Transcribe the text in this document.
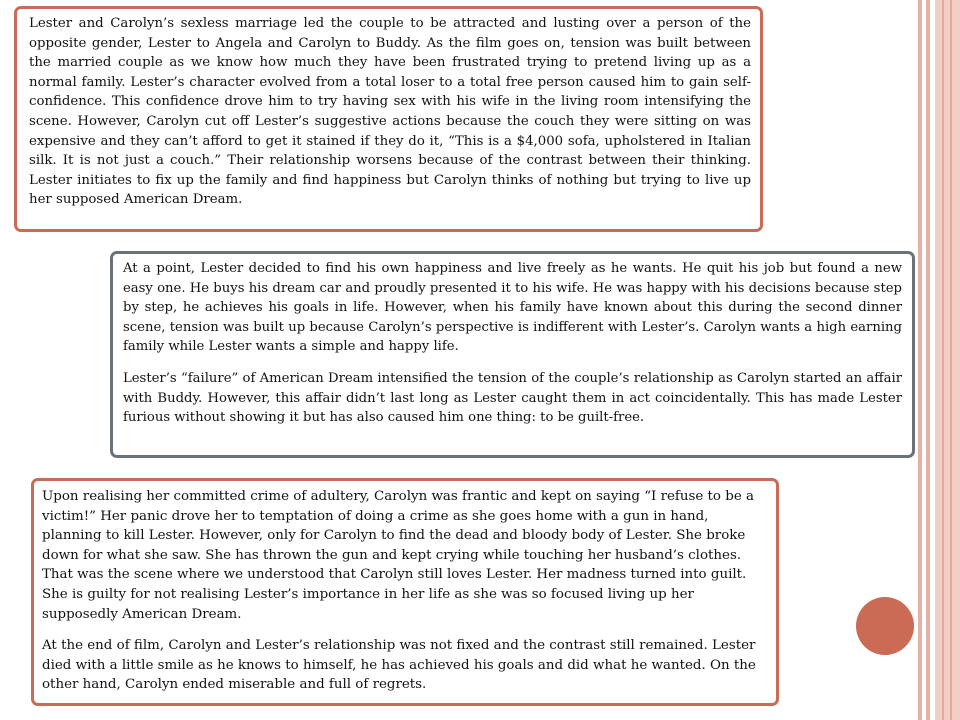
Lester and Carolyn’s sexless marriage led the couple to be attracted and lusting over a person of the opposite gender, Lester to Angela and Carolyn to Buddy. As the film goes on, tension was built between the married couple as we know how much they have been frustrated trying to pretend living up as a normal family. Lester’s character evolved from a total loser to a total free person caused him to gain self-confidence. This confidence drove him to try having sex with his wife in the living room intensifying the scene. However, Carolyn cut off Lester’s suggestive actions because the couch they were sitting on was expensive and they can’t afford to get it stained if they do it, “This is a $4,000 sofa, upholstered in Italian silk. It is not just a couch.” Their relationship worsens because of the contrast between their thinking. Lester initiates to fix up the family and find happiness but Carolyn thinks of nothing but trying to live up her supposed American Dream.

At a point, Lester decided to find his own happiness and live freely as he wants. He quit his job but found a new easy one. He buys his dream car and proudly presented it to his wife. He was happy with his decisions because step by step, he achieves his goals in life. However, when his family have known about this during the second dinner scene, tension was built up because Carolyn’s perspective is indifferent with Lester’s. Carolyn wants a high earning family while Lester wants a simple and happy life.

Lester’s “failure” of American Dream intensified the tension of the couple’s relationship as Carolyn started an affair with Buddy. However, this affair didn’t last long as Lester caught them in act coincidentally. This has made Lester furious without showing it but has also caused him one thing: to be guilt-free.

Upon realising her committed crime of adultery, Carolyn was frantic and kept on saying “I refuse to be a victim!” Her panic drove her to temptation of doing a crime as she goes home with a gun in hand, planning to kill Lester. However, only for Carolyn to find the dead and bloody body of Lester. She broke down for what she saw. She has thrown the gun and kept crying while touching her husband’s clothes. That was the scene where we understood that Carolyn still loves Lester. Her madness turned into guilt. She is guilty for not realising Lester’s importance in her life as she was so focused living up her supposedly American Dream.

At the end of film, Carolyn and Lester’s relationship was not fixed and the contrast still remained. Lester died with a little smile as he knows to himself, he has achieved his goals and did what he wanted. On the other hand, Carolyn ended miserable and full of regrets.
